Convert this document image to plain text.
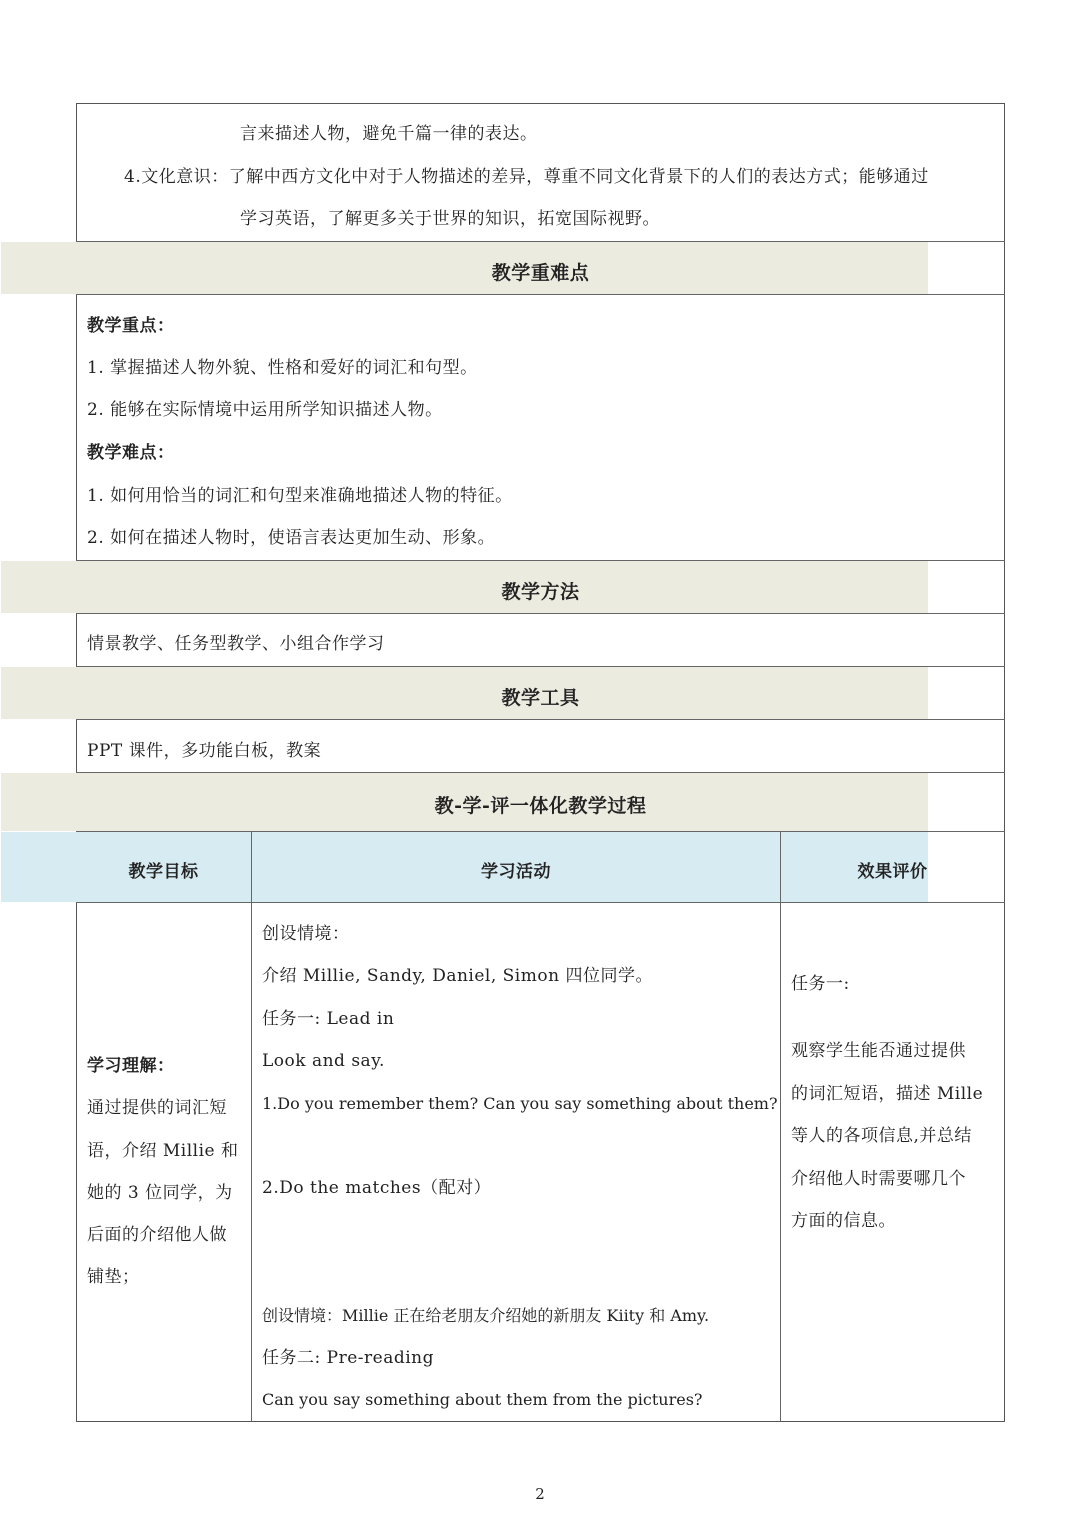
言来描述人物，避免千篇一律的表达。
4.文化意识：了解中西方文化中对于人物描述的差异，尊重不同文化背景下的人们的表达方式；能够通过
学习英语，了解更多关于世界的知识，拓宽国际视野。
教学重难点
教学重点：
1. 掌握描述人物外貌、性格和爱好的词汇和句型。
2. 能够在实际情境中运用所学知识描述人物。
教学难点：
1. 如何用恰当的词汇和句型来准确地描述人物的特征。
2. 如何在描述人物时，使语言表达更加生动、形象。
教学方法
情景教学、任务型教学、小组合作学习
教学工具
PPT 课件，多功能白板，教案
教-学-评一体化教学过程
教学目标	学习活动	效果评价
学习理解：
通过提供的词汇短
语，介绍 Millie 和
她的 3 位同学，为
后面的介绍他人做
铺垫；
创设情境：
介绍 Millie, Sandy, Daniel, Simon 四位同学。
任务一: Lead in
Look and say.
1.Do you remember them? Can you say something about them?
2.Do the matches（配对）
创设情境：Millie 正在给老朋友介绍她的新朋友 Kiity 和 Amy.
任务二: Pre-reading
Can you say something about them from the pictures?
任务一:
观察学生能否通过提供
的词汇短语，描述 Mille
等人的各项信息,并总结
介绍他人时需要哪几个
方面的信息。
2
